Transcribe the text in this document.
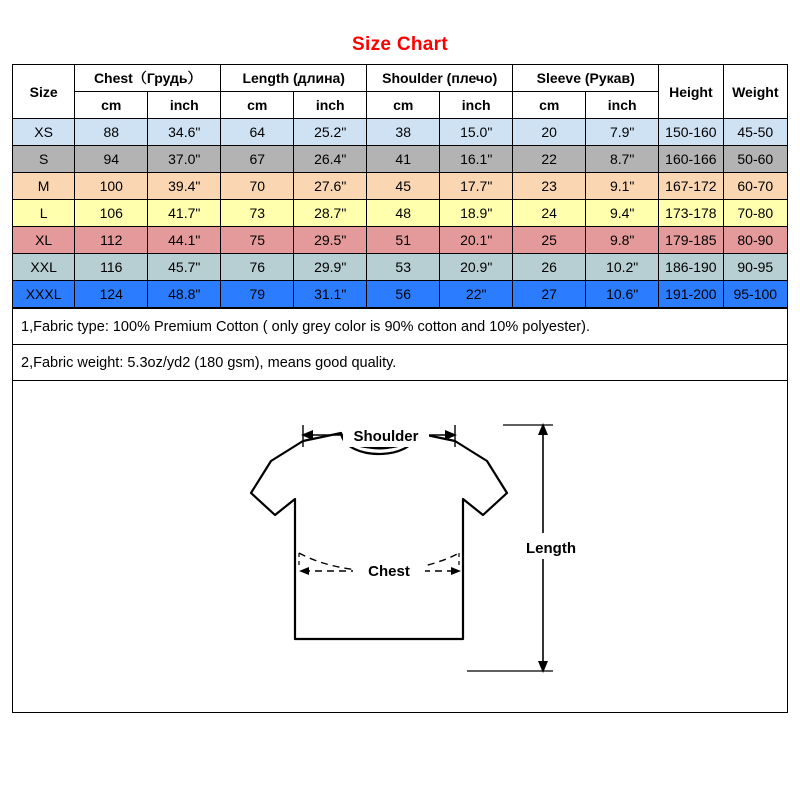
Size Chart
Size	Chest（Грудь）		Length (длина)		Shoulder (плечо)		Sleeve (Рукав)		Height	Weight
	cm	inch	cm	inch	cm	inch	cm	inch		
XS	88	34.6"	64	25.2"	38	15.0"	20	7.9"	150-160	45-50
S	94	37.0"	67	26.4"	41	16.1"	22	8.7"	160-166	50-60
M	100	39.4"	70	27.6"	45	17.7"	23	9.1"	167-172	60-70
L	106	41.7"	73	28.7"	48	18.9"	24	9.4"	173-178	70-80
XL	112	44.1"	75	29.5"	51	20.1"	25	9.8"	179-185	80-90
XXL	116	45.7"	76	29.9"	53	20.9"	26	10.2"	186-190	90-95
XXXL	124	48.8"	79	31.1"	56	22"	27	10.6"	191-200	95-100
1,Fabric type: 100% Premium Cotton ( only grey color is 90% cotton and 10% polyester).
2,Fabric weight: 5.3oz/yd2 (180 gsm), means good quality.
Chest
Shoulder
Length
